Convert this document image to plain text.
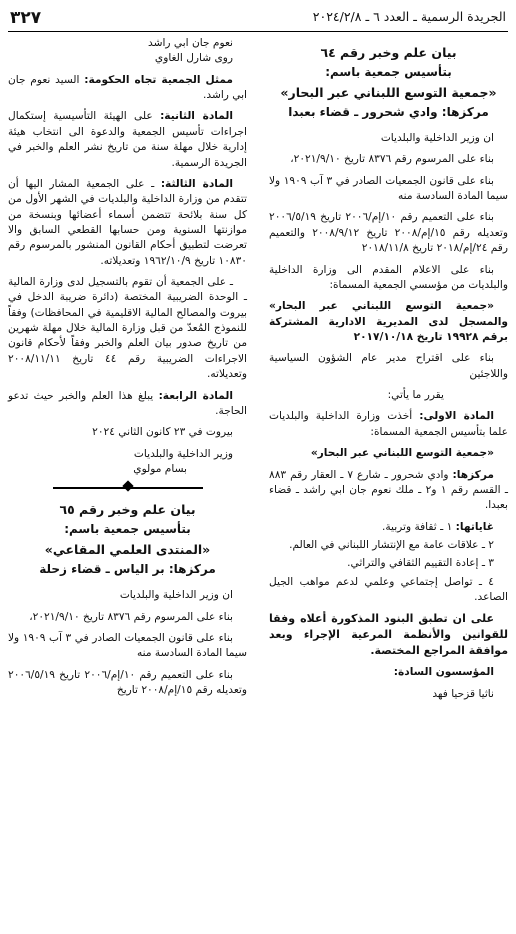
٣٢٧	الجريدة الرسمية ـ العدد ٦ ـ ٢٠٢٤/٢/٨
بيان علم وخبر رقم ٦٤
بتأسيس جمعية باسم:
«جمعية التوسع اللبناني عبر البحار»
مركزها: وادي شحرور ـ قضاء بعبدا

ان وزير الداخلية والبلديات

بناء على المرسوم رقم ٨٣٧٦ تاريخ ٢٠٢١/٩/١٠،

بناء على قانون الجمعيات الصادر في ٣ آب ١٩٠٩ ولا سيما المادة السادسة منه

بناء على التعميم رقم ١٠/إم/٢٠٠٦ تاريخ ٢٠٠٦/٥/١٩ وتعديله رقم ١٥/إم/٢٠٠٨ تاريخ ٢٠٠٨/٩/١٢ والتعميم رقم ٢٤/إم/٢٠١٨ تاريخ ٢٠١٨/١١/٨

بناء على الاعلام المقدم الى وزارة الداخلية والبلديات من مؤسسي الجمعية المسماة:

«جمعية التوسع اللبناني عبر البحار» والمسجل لدى المديرية الادارية المشتركة برقم ١٩٩٢٨ تاريخ ٢٠١٧/١٠/١٨

بناء على اقتراح مدير عام الشؤون السياسية واللاجئين

يقرر ما يأتي:

المادة الاولى: أخذت وزارة الداخلية والبلديات علما بتأسيس الجمعية المسماة:

«جمعية التوسع اللبناني عبر البحار»

مركزها: وادي شحرور ـ شارع ٧ ـ العقار رقم ٨٨٣ ـ القسم رقم ١ و٢ ـ ملك نعوم جان ابي راشد ـ قضاء بعبدا.

غاياتها: ١ ـ ثقافة وتربية.

٢ ـ علاقات عامة مع الإنتشار اللبناني في العالم.

٣ ـ إعادة التقييم الثقافي والتراثي.

٤ ـ تواصل إجتماعي وعلمي لدعم مواهب الجيل الصاعد.

على ان تطبق البنود المذكورة أعلاه وفقا للقوانين والأنظمة المرعية الإجراء وبعد موافقة المراجع المختصة.

المؤسسون السادة:

ناثيا قزحيا فهد

نعوم جان ابي راشد

روى شارل الغاوي

ممثل الجمعية تجاه الحكومة: السيد نعوم جان ابي راشد.

المادة الثانية: على الهيئة التأسيسية إستكمال اجراءات تأسيس الجمعية والدعوة الى انتخاب هيئة إدارية خلال مهلة سنة من تاريخ نشر العلم والخبر في الجريدة الرسمية.

المادة الثالثة: ـ على الجمعية المشار اليها أن تتقدم من وزارة الداخلية والبلديات في الشهر الأول من كل سنة بلائحة تتضمن أسماء أعضائها وبنسخة من موازنتها السنوية ومن حسابها القطعي السابق والا تعرضت لتطبيق أحكام القانون المنشور بالمرسوم رقم ١٠٨٣٠ تاريخ ١٩٦٢/١٠/٩ وتعديلاته.

ـ على الجمعية أن تقوم بالتسجيل لدى وزارة المالية ـ الوحدة الضريبية المختصة (دائرة ضريبة الدخل في بيروت والمصالح المالية الاقليمية في المحافظات) وفقاً للنموذج المُعدّ من قبل وزارة المالية خلال مهلة شهرين من تاريخ صدور بيان العلم والخبر وفقاً لأحكام قانون الاجراءات الضريبية رقم ٤٤ تاريخ ٢٠٠٨/١١/١١ وتعديلاته.

المادة الرابعة: يبلغ هذا العلم والخبر حيث تدعو الحاجة.

بيروت في ٢٣ كانون الثاني ٢٠٢٤

وزير الداخلية والبلديات

بسام مولوي

بيان علم وخبر رقم ٦٥
بتأسيس جمعية باسم:
«المنتدى العلمي المقاعي»
مركزها: بر الياس ـ قضاء زحلة

ان وزير الداخلية والبلديات

بناء على المرسوم رقم ٨٣٧٦ تاريخ ٢٠٢١/٩/١٠،

بناء على قانون الجمعيات الصادر في ٣ آب ١٩٠٩ ولا سيما المادة السادسة منه

بناء على التعميم رقم ١٠/إم/٢٠٠٦ تاريخ ٢٠٠٦/٥/١٩ وتعديله رقم ١٥/إم/٢٠٠٨ تاريخ
